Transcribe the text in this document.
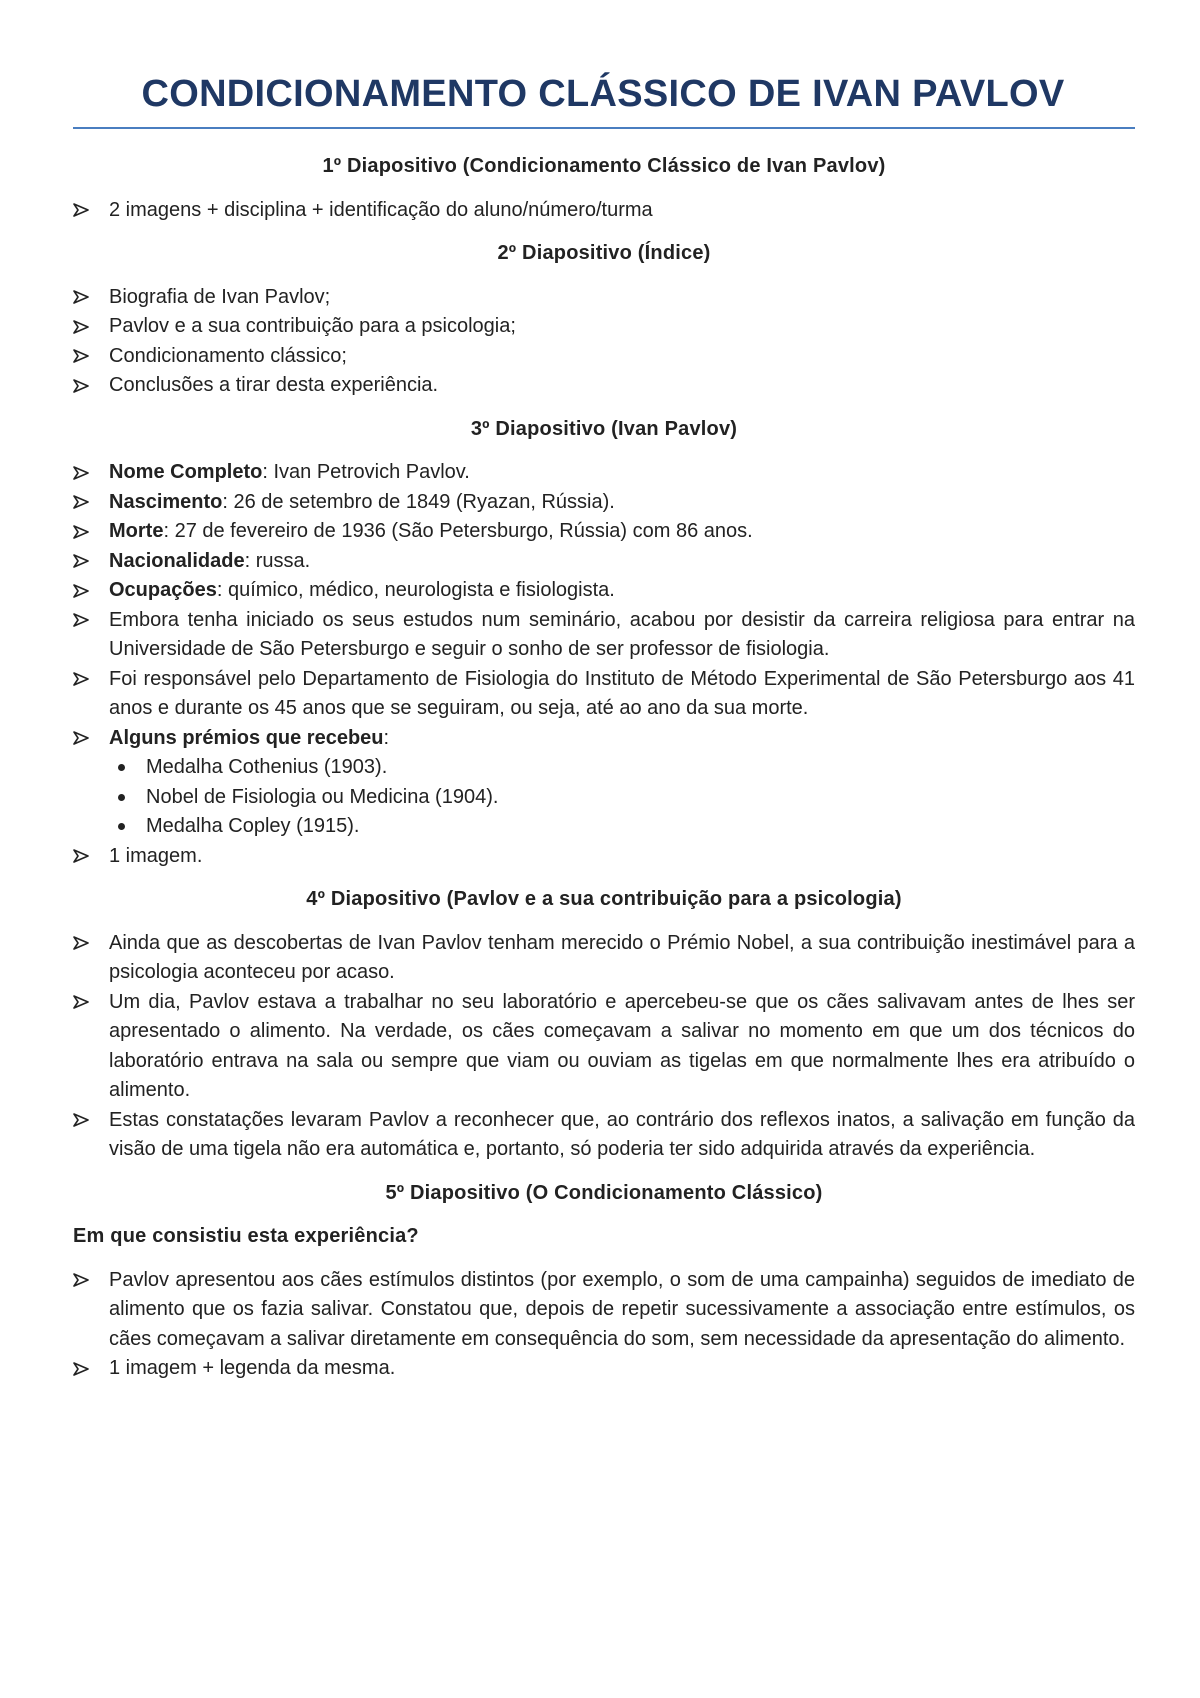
CONDICIONAMENTO CLÁSSICO DE IVAN PAVLOV

1º Diapositivo (Condicionamento Clássico de Ivan Pavlov)

2 imagens + disciplina + identificação do aluno/número/turma

2º Diapositivo (Índice)

Biografia de Ivan Pavlov;
Pavlov e a sua contribuição para a psicologia;
Condicionamento clássico;
Conclusões a tirar desta experiência.

3º Diapositivo (Ivan Pavlov)

Nome Completo: Ivan Petrovich Pavlov.
Nascimento: 26 de setembro de 1849 (Ryazan, Rússia).
Morte: 27 de fevereiro de 1936 (São Petersburgo, Rússia) com 86 anos.
Nacionalidade: russa.
Ocupações: químico, médico, neurologista e fisiologista.
Embora tenha iniciado os seus estudos num seminário, acabou por desistir da carreira religiosa para entrar na Universidade de São Petersburgo e seguir o sonho de ser professor de fisiologia.
Foi responsável pelo Departamento de Fisiologia do Instituto de Método Experimental de São Petersburgo aos 41 anos e durante os 45 anos que se seguiram, ou seja, até ao ano da sua morte.
Alguns prémios que recebeu:
Medalha Cothenius (1903).
Nobel de Fisiologia ou Medicina (1904).
Medalha Copley (1915).
1 imagem.

4º Diapositivo (Pavlov e a sua contribuição para a psicologia)

Ainda que as descobertas de Ivan Pavlov tenham merecido o Prémio Nobel, a sua contribuição inestimável para a psicologia aconteceu por acaso.
Um dia, Pavlov estava a trabalhar no seu laboratório e apercebeu-se que os cães salivavam antes de lhes ser apresentado o alimento. Na verdade, os cães começavam a salivar no momento em que um dos técnicos do laboratório entrava na sala ou sempre que viam ou ouviam as tigelas em que normalmente lhes era atribuído o alimento.
Estas constatações levaram Pavlov a reconhecer que, ao contrário dos reflexos inatos, a salivação em função da visão de uma tigela não era automática e, portanto, só poderia ter sido adquirida através da experiência.

5º Diapositivo (O Condicionamento Clássico)

Em que consistiu esta experiência?

Pavlov apresentou aos cães estímulos distintos (por exemplo, o som de uma campainha) seguidos de imediato de alimento que os fazia salivar. Constatou que, depois de repetir sucessivamente a associação entre estímulos, os cães começavam a salivar diretamente em consequência do som, sem necessidade da apresentação do alimento.
1 imagem + legenda da mesma.
